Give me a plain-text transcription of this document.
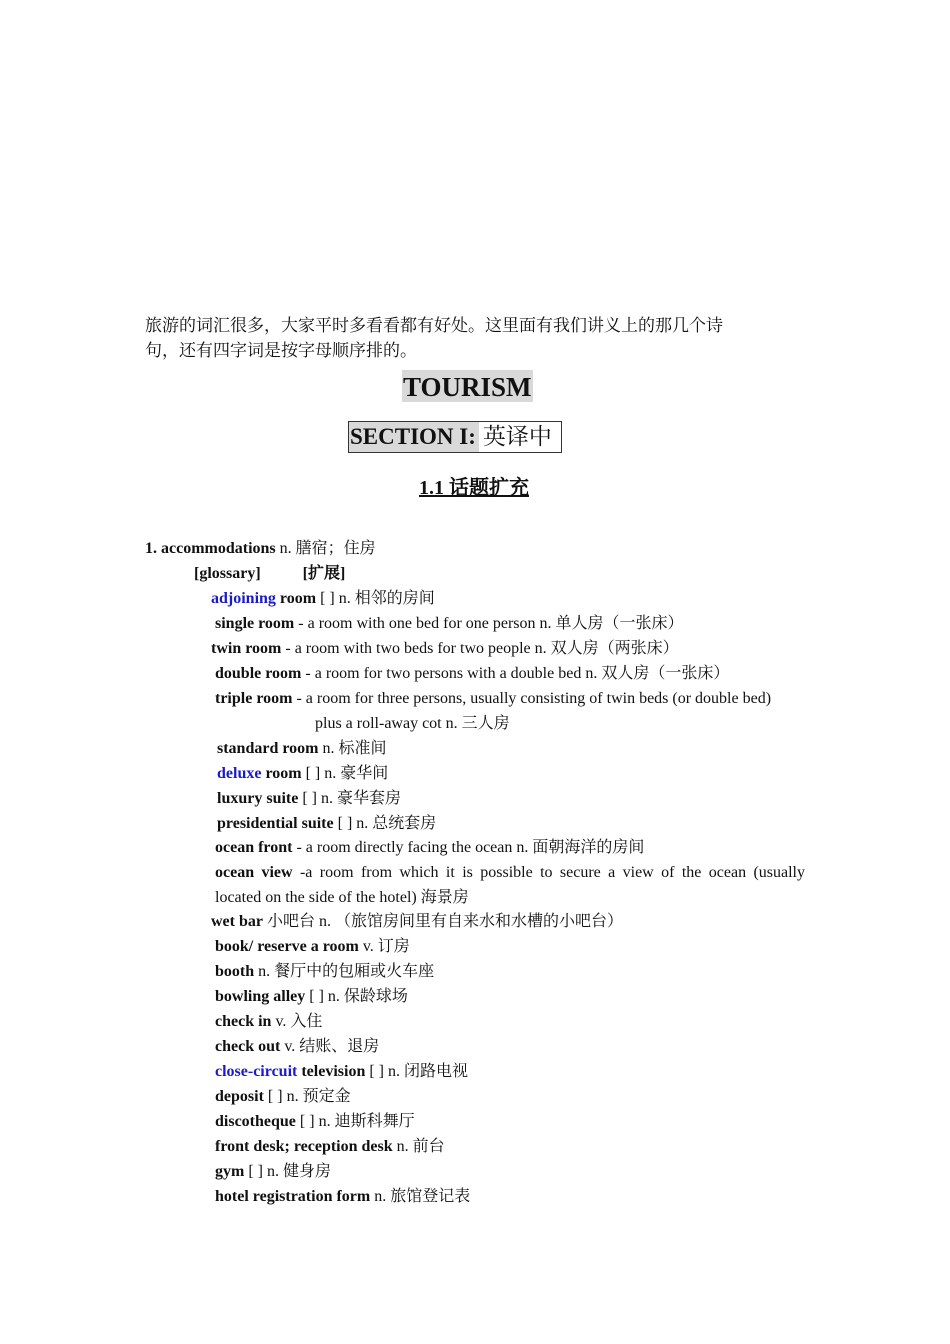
旅游的词汇很多，大家平时多看看都有好处。这里面有我们讲义上的那几个诗
句，还有四字词是按字母顺序排的。
TOURISM
SECTION I: 英译中
1.1 话题扩充
1. accommodations n. 膳宿；住房
[glossary]	[扩展]
adjoining room [ ] n. 相邻的房间
single room - a room with one bed for one person n. 单人房（一张床）
twin room - a room with two beds for two people n. 双人房（两张床）
double room - a room for two persons with a double bed n. 双人房（一张床）
triple room - a room for three persons, usually consisting of twin beds (or double bed)
plus a roll-away cot n. 三人房
standard room n. 标准间
deluxe room [ ] n. 豪华间
luxury suite [ ] n. 豪华套房
presidential suite [ ] n. 总统套房
ocean front - a room directly facing the ocean n. 面朝海洋的房间
ocean view -a room from which it is possible to secure a view of the ocean (usually
located on the side of the hotel) 海景房
wet bar 小吧台 n. （旅馆房间里有自来水和水槽的小吧台）
book/ reserve a room v. 订房
booth n. 餐厅中的包厢或火车座
bowling alley [ ] n. 保龄球场
check in v. 入住
check out v. 结账、退房
close-circuit television [ ] n. 闭路电视
deposit [ ] n. 预定金
discotheque [ ] n. 迪斯科舞厅
front desk; reception desk n. 前台
gym [ ] n. 健身房
hotel registration form n. 旅馆登记表
